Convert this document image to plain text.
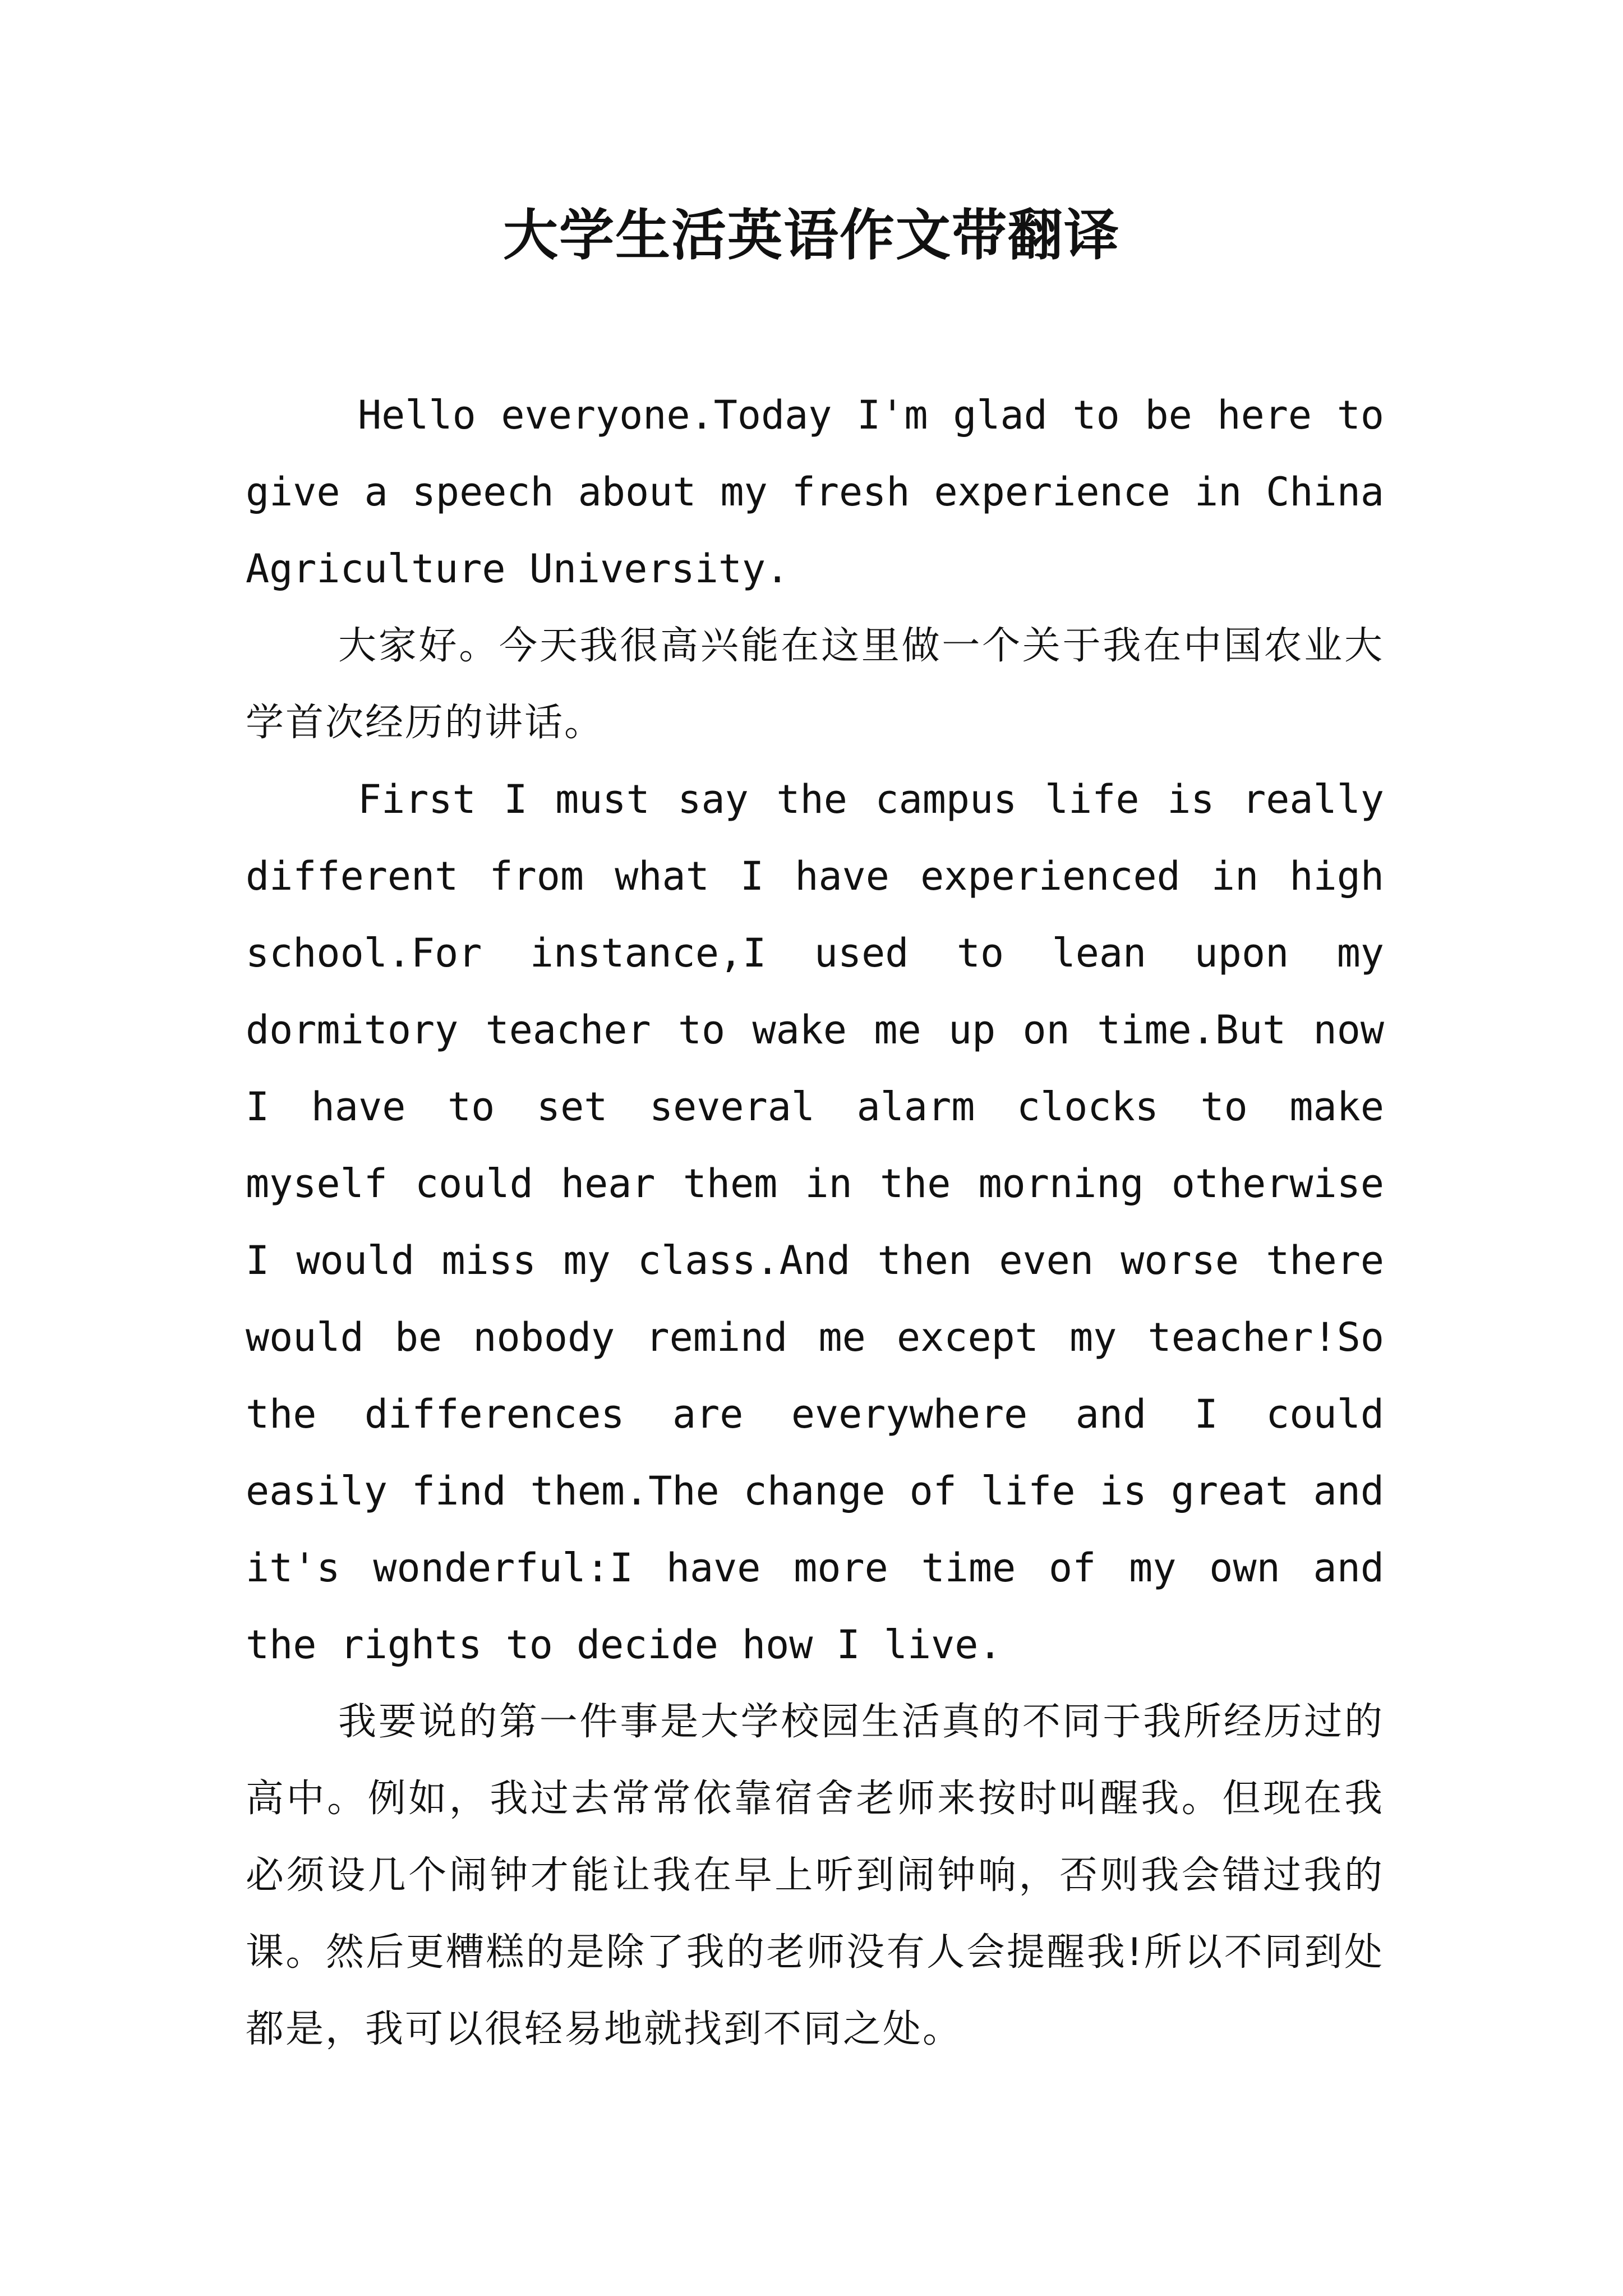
大学生活英语作文带翻译

Hello everyone.Today I'm glad to be here to give a speech about my fresh experience in China Agriculture University.

大家好。今天我很高兴能在这里做一个关于我在中国农业大学首次经历的讲话。

First I must say the campus life is really different from what I have experienced in high school.For instance,I used to lean upon my dormitory teacher to wake me up on time.But now I have to set several alarm clocks to make myself could hear them in the morning otherwise I would miss my class.And then even worse there would be nobody remind me except my teacher!So the differences are everywhere and I could easily find them.The change of life is great and it's wonderful:I have more time of my own and the rights to decide how I live.

我要说的第一件事是大学校园生活真的不同于我所经历过的高中。例如，我过去常常依靠宿舍老师来按时叫醒我。但现在我必须设几个闹钟才能让我在早上听到闹钟响，否则我会错过我的课。然后更糟糕的是除了我的老师没有人会提醒我!所以不同到处都是，我可以很轻易地就找到不同之处。
